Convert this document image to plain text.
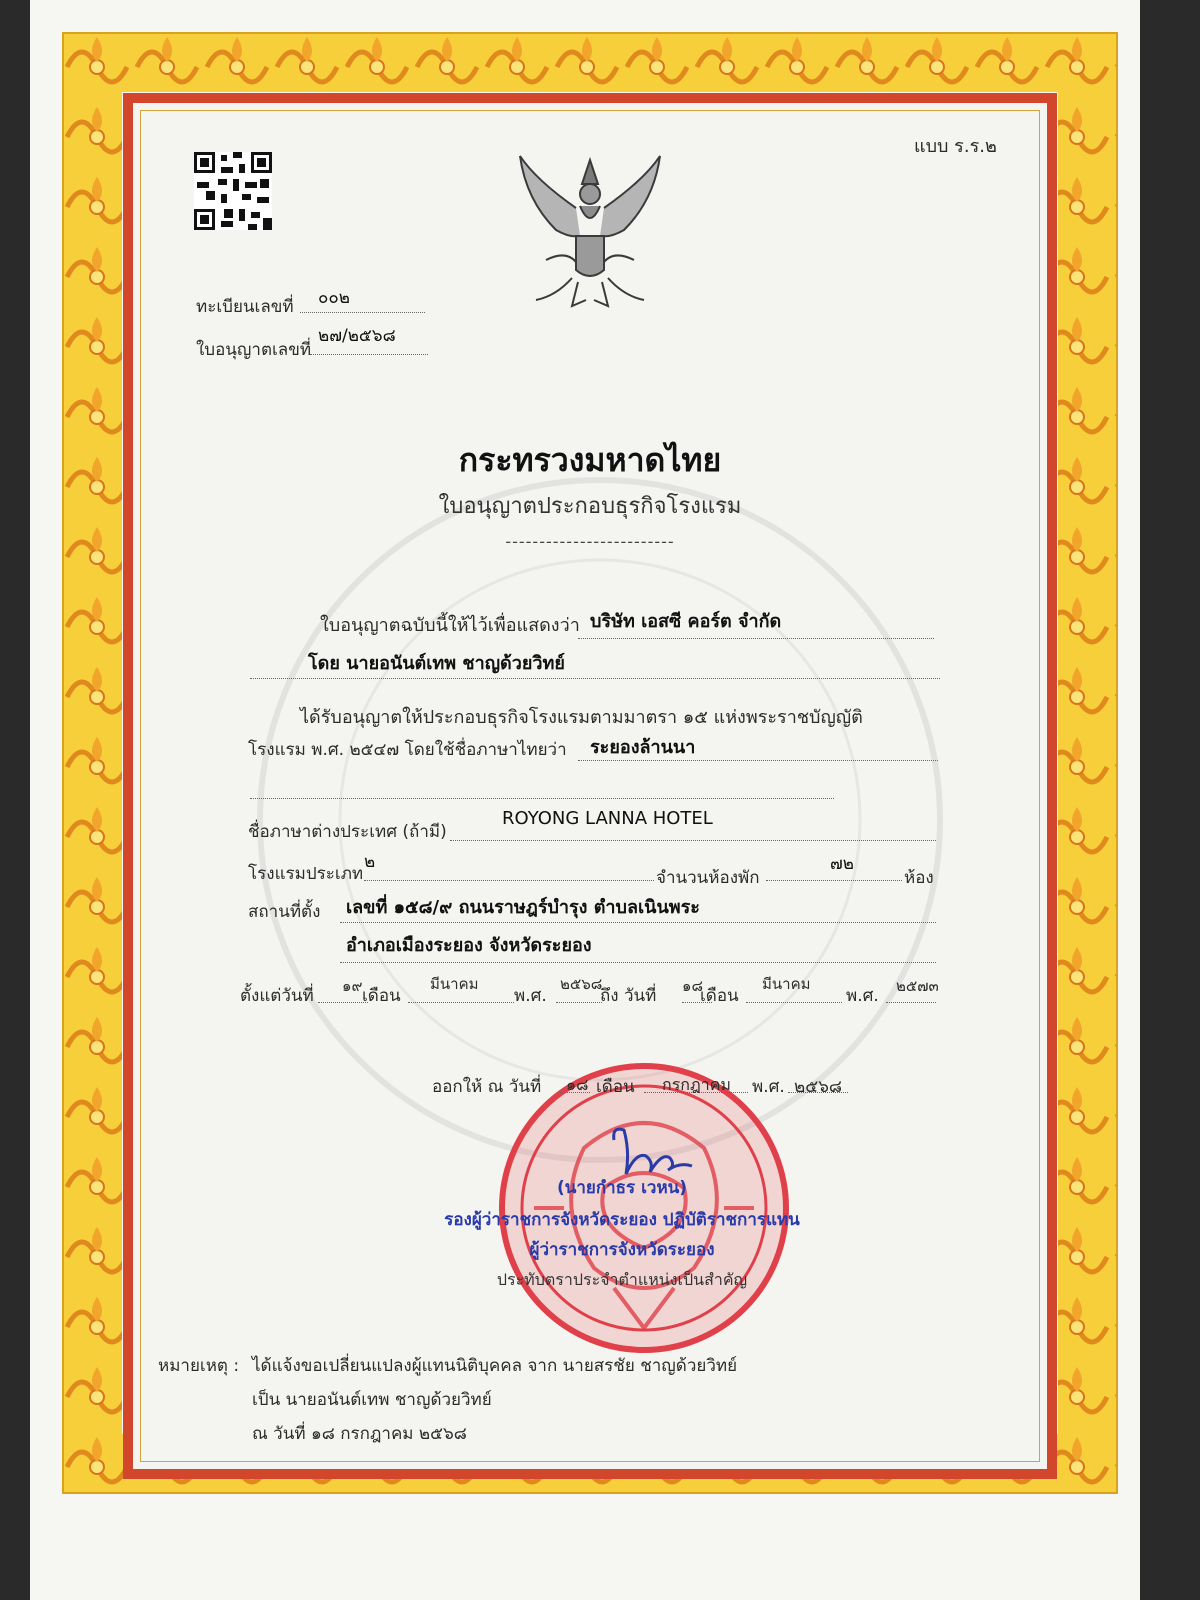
แบบ ร.ร.๒
ทะเบียนเลขที่ ๐๐๒
ใบอนุญาตเลขที่
๒๗/๒๕๖๘
กระทรวงมหาดไทย
ใบอนุญาตประกอบธุรกิจโรงแรม
-------------------------
ใบอนุญาตฉบับนี้ให้ไว้เพื่อแสดงว่า บริษัท เอสซี คอร์ต จำกัด
โดย นายอนันต์เทพ ชาญด้วยวิทย์
ได้รับอนุญาตให้ประกอบธุรกิจโรงแรมตามมาตรา ๑๕ แห่งพระราชบัญญัติ
โรงแรม พ.ศ. ๒๕๔๗ โดยใช้ชื่อภาษาไทยว่า ระยองล้านนา
ชื่อภาษาต่างประเทศ (ถ้ามี)
ROYONG LANNA HOTEL
โรงแรมประเภท
๒
จำนวนห้องพัก
๗๒
ห้อง
สถานที่ตั้ง เลขที่ ๑๕๘/๙ ถนนราษฎร์บำรุง ตำบลเนินพระ
อำเภอเมืองระยอง จังหวัดระยอง
ตั้งแต่วันที่ ๑๙ เดือน
มีนาคม
พ.ศ.
๒๕๖๘
ถึง วันที่ ๑๘
เดือน
มีนาคม
พ.ศ. ๒๕๗๓
ออกให้ ณ วันที่ ๑๘ เดือน กรกฎาคม พ.ศ. ๒๕๖๘
(นายกำธร เวหน)
รองผู้ว่าราชการจังหวัดระยอง ปฏิบัติราชการแทน
ผู้ว่าราชการจังหวัดระยอง
ประทับตราประจำตำแหน่งเป็นสำคัญ
หมายเหตุ : ได้แจ้งขอเปลี่ยนแปลงผู้แทนนิติบุคคล จาก นายสรชัย ชาญด้วยวิทย์
เป็น นายอนันต์เทพ ชาญด้วยวิทย์
ณ วันที่ ๑๘ กรกฎาคม ๒๕๖๘
